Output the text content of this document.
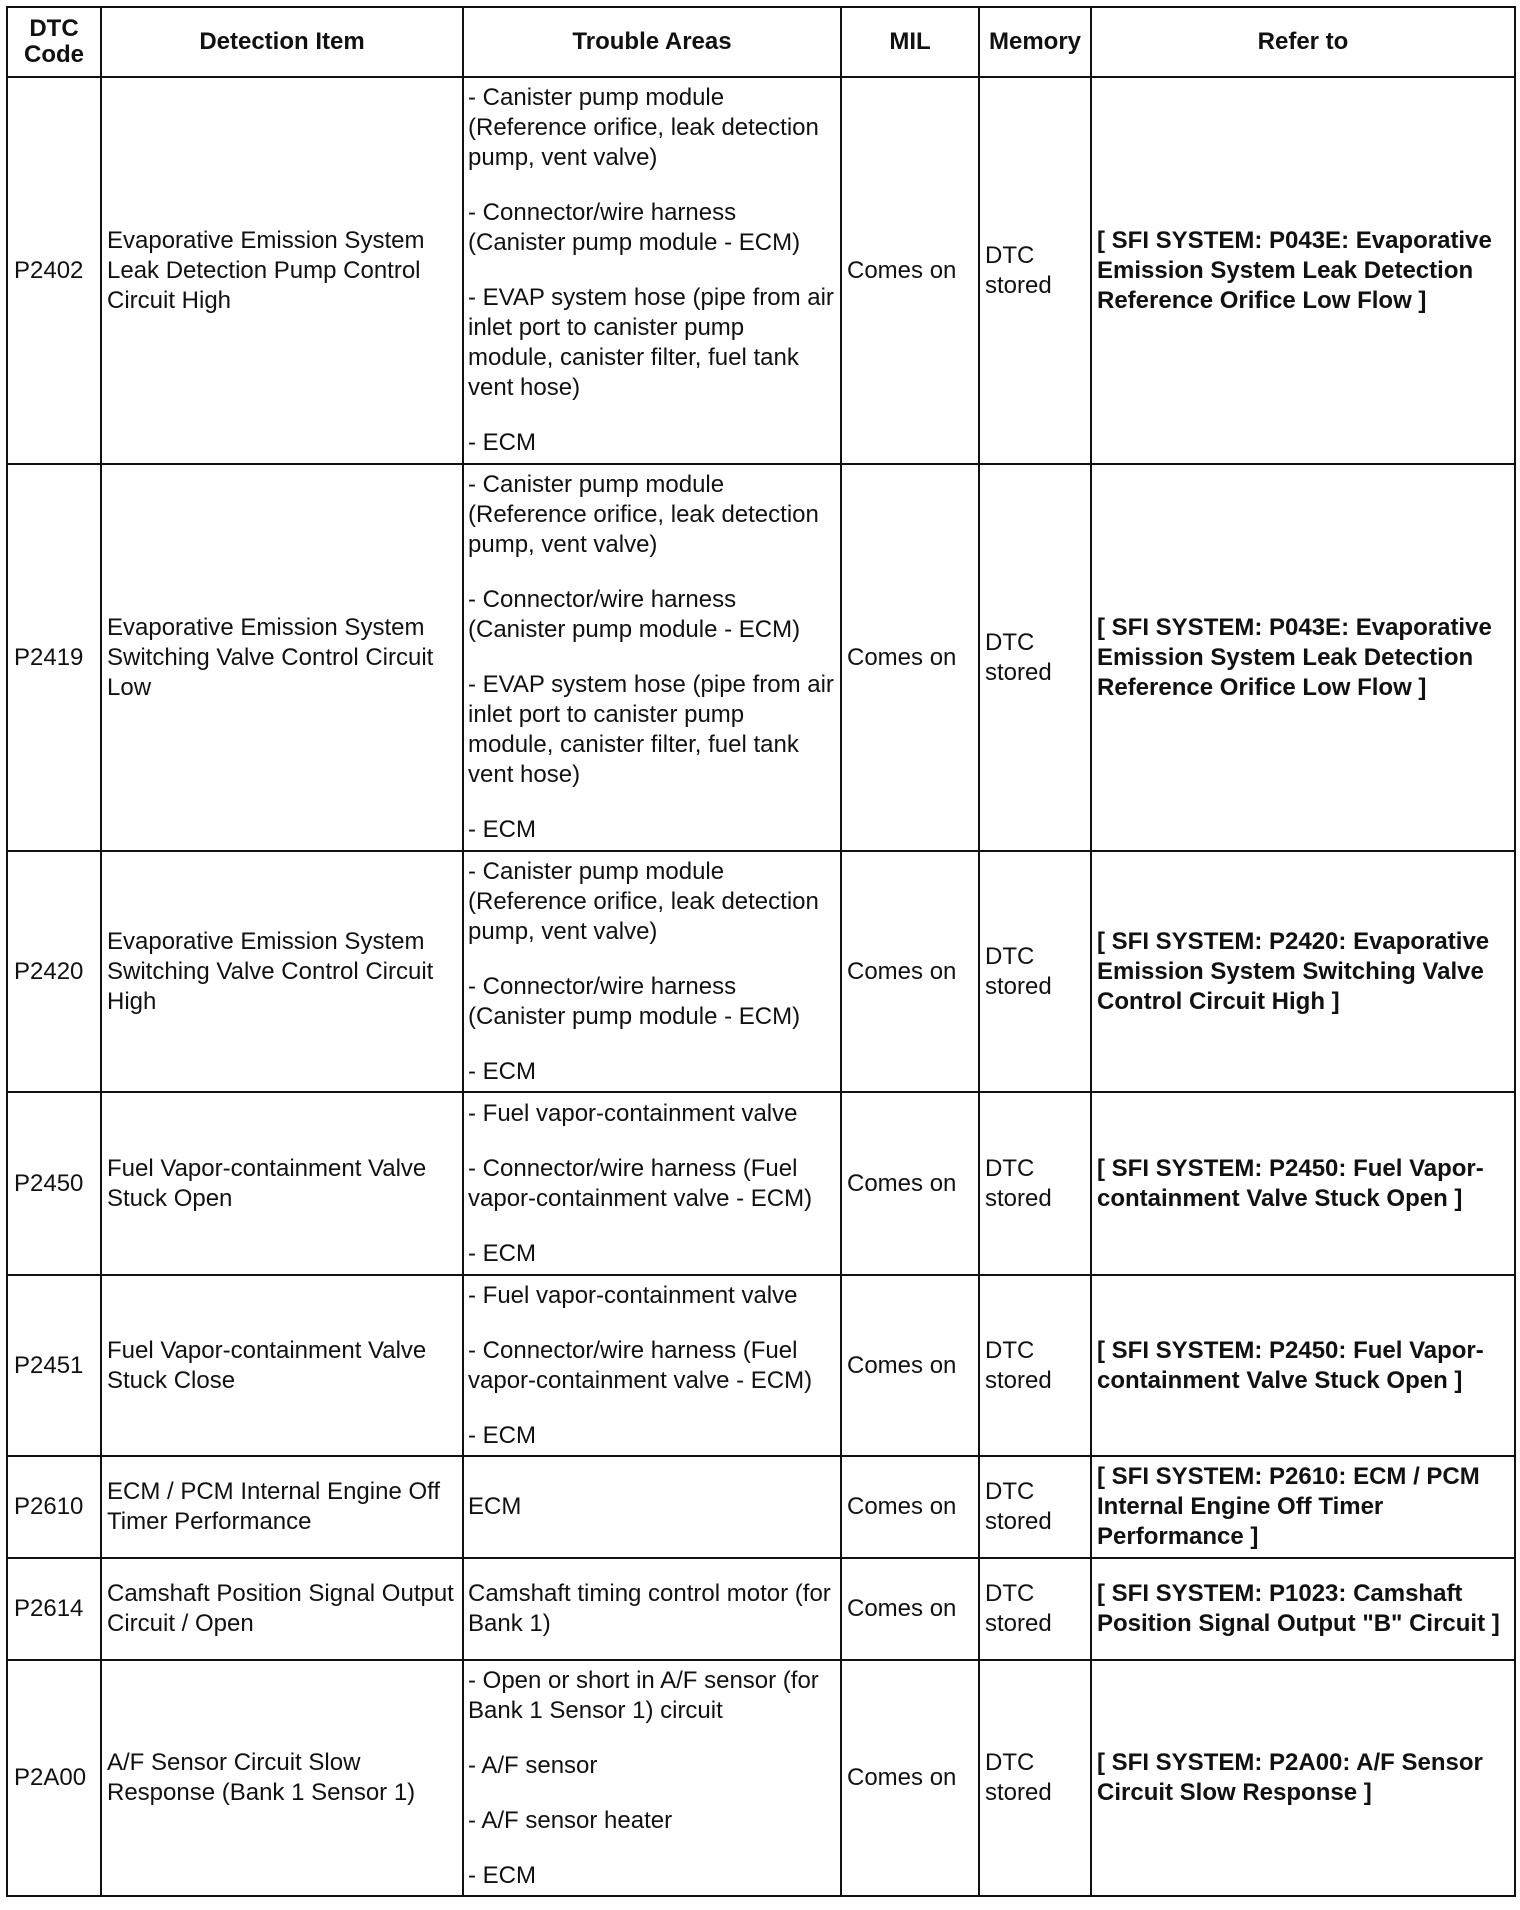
DTC
Code	Detection Item	Trouble Areas	MIL	Memory	Refer to
P2402	Evaporative Emission System Leak Detection Pump Control Circuit High	- Canister pump module (Reference orifice, leak detection pump, vent valve)
- Connector/wire harness (Canister pump module - ECM)
- EVAP system hose (pipe from air inlet port to canister pump module, canister filter, fuel tank vent hose)
- ECM	Comes on	DTC stored	[ SFI SYSTEM: P043E: Evaporative Emission System Leak Detection Reference Orifice Low Flow ]
P2419	Evaporative Emission System Switching Valve Control Circuit Low	- Canister pump module (Reference orifice, leak detection pump, vent valve)
- Connector/wire harness (Canister pump module - ECM)
- EVAP system hose (pipe from air inlet port to canister pump module, canister filter, fuel tank vent hose)
- ECM	Comes on	DTC stored	[ SFI SYSTEM: P043E: Evaporative Emission System Leak Detection Reference Orifice Low Flow ]
P2420	Evaporative Emission System Switching Valve Control Circuit High	- Canister pump module (Reference orifice, leak detection pump, vent valve)
- Connector/wire harness (Canister pump module - ECM)
- ECM	Comes on	DTC stored	[ SFI SYSTEM: P2420: Evaporative Emission System Switching Valve Control Circuit High ]
P2450	Fuel Vapor-containment Valve Stuck Open	- Fuel vapor-containment valve
- Connector/wire harness (Fuel vapor-containment valve - ECM)
- ECM	Comes on	DTC stored	[ SFI SYSTEM: P2450: Fuel Vapor-containment Valve Stuck Open ]
P2451	Fuel Vapor-containment Valve Stuck Close	- Fuel vapor-containment valve
- Connector/wire harness (Fuel vapor-containment valve - ECM)
- ECM	Comes on	DTC stored	[ SFI SYSTEM: P2450: Fuel Vapor-containment Valve Stuck Open ]
P2610	ECM / PCM Internal Engine Off Timer Performance	ECM	Comes on	DTC stored	[ SFI SYSTEM: P2610: ECM / PCM Internal Engine Off Timer Performance ]
P2614	Camshaft Position Signal Output Circuit / Open	Camshaft timing control motor (for Bank 1)	Comes on	DTC stored	[ SFI SYSTEM: P1023: Camshaft Position Signal Output "B" Circuit ]
P2A00	A/F Sensor Circuit Slow Response (Bank 1 Sensor 1)	- Open or short in A/F sensor (for Bank 1 Sensor 1) circuit
- A/F sensor
- A/F sensor heater
- ECM	Comes on	DTC stored	[ SFI SYSTEM: P2A00: A/F Sensor Circuit Slow Response ]
